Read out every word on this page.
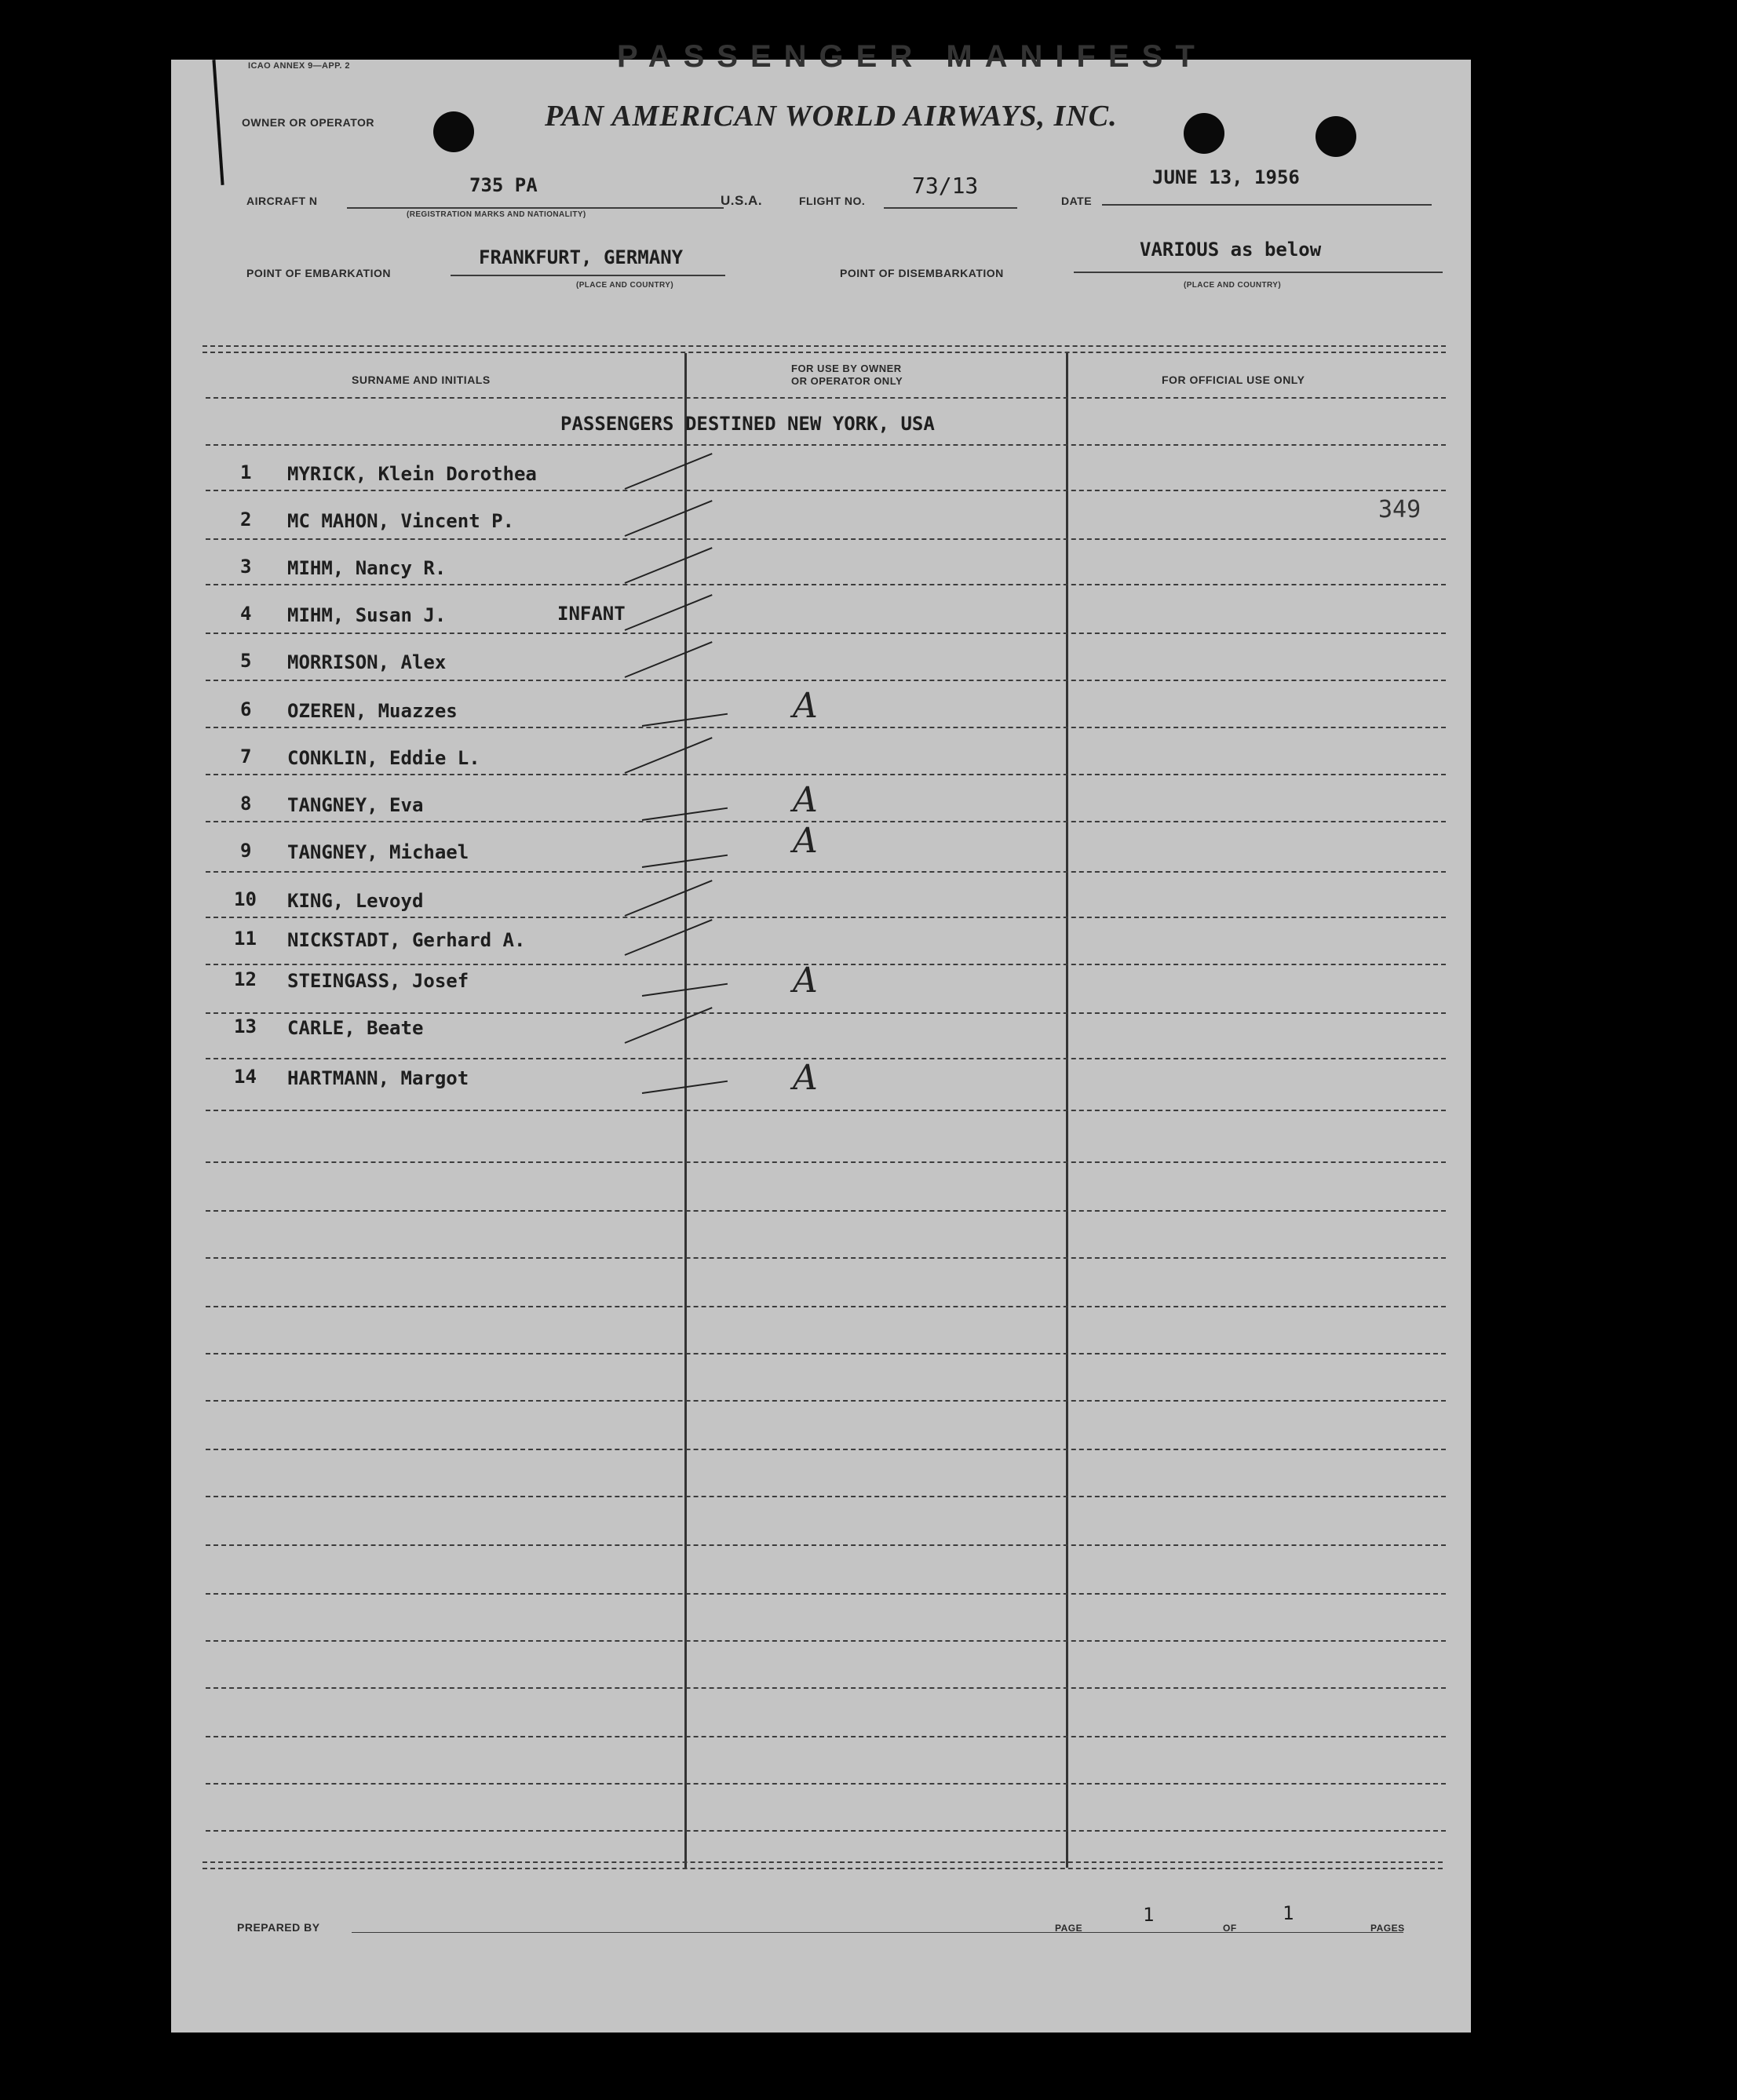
ICAO ANNEX 9—APP. 2	PASSENGER MANIFEST
OWNER OR OPERATOR	PAN AMERICAN WORLD AIRWAYS, INC.
AIRCRAFT N
735 PA
(REGISTRATION MARKS AND NATIONALITY)
U.S.A.	FLIGHT NO.
73/13
DATE
JUNE 13, 1956
POINT OF EMBARKATION
FRANKFURT, GERMANY
(PLACE AND COUNTRY)
POINT OF DISEMBARKATION
VARIOUS as below
(PLACE AND COUNTRY)
SURNAME AND INITIALS
FOR USE BY OWNER
OR OPERATOR ONLY	FOR OFFICIAL USE ONLY
PASSENGERS DESTINED NEW YORK, USA
349
1 MYRICK, Klein Dorothea
2 MC MAHON, Vincent P.
3 MIHM, Nancy R.
4 MIHM, Susan J.	INFANT
5 MORRISON, Alex
6 OZEREN, Muazzes	A
7 CONKLIN, Eddie L.
8 TANGNEY, Eva	A
9 TANGNEY, Michael	A
10 KING, Levoyd
11 NICKSTADT, Gerhard A.
12 STEINGASS, Josef	A
13 CARLE, Beate
14 HARTMANN, Margot	A
PREPARED BY	PAGE
1
OF
1
PAGES
